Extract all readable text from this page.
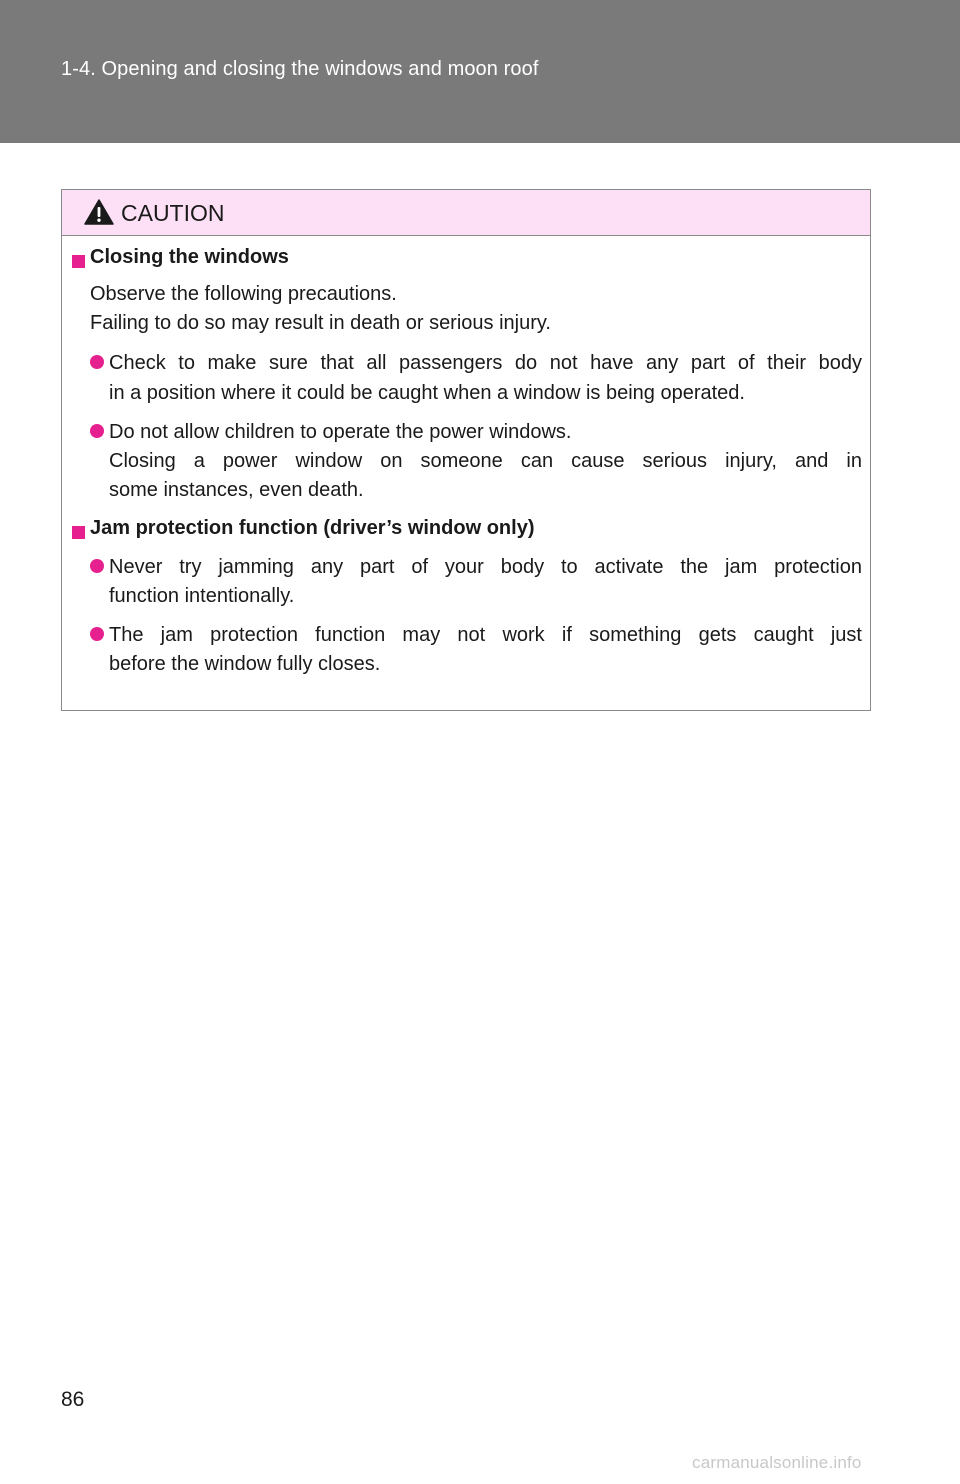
1-4. Opening and closing the windows and moon roof
CAUTION
Closing the windows
Observe the following precautions.
Failing to do so may result in death or serious injury.
Check to make sure that all passengers do not have any part of their body
in a position where it could be caught when a window is being operated.
Do not allow children to operate the power windows.
Closing a power window on someone can cause serious injury, and in
some instances, even death.
Jam protection function (driver’s window only)
Never try jamming any part of your body to activate the jam protection
function intentionally.
The jam protection function may not work if something gets caught just
before the window fully closes.
86
carmanualsonline.info
